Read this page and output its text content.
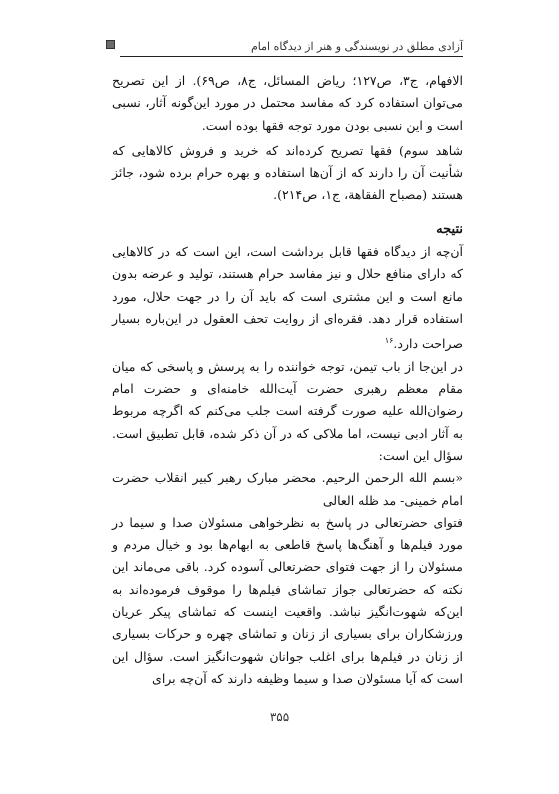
آزادی مطلق در نویسندگی و هنر از دیدگاه امام

الافهام، ج۳، ص۱۲۷؛ ریاض المسائل، ج۸، ص۶۹). از این تصریح می‌توان استفاده کرد که مفاسد محتمل در مورد این‌گونه آثار، نسبی است و این نسبی بودن مورد توجه فقها بوده است.

شاهد سوم) فقها تصریح کرده‌اند که خرید و فروش کالاهایی که شأنیت آن را دارند که از آن‌ها استفاده و بهره حرام برده شود، جائز هستند (مصباح الفقاهة، ج۱، ص۲۱۴).

نتیجه

آن‌چه از دیدگاه فقها قابل برداشت است، این است که در کالاهایی که دارای منافع حلال و نیز مفاسد حرام هستند، تولید و عرضه بدون مانع است و این مشتری است که باید آن را در جهت حلال، مورد استفاده قرار دهد. فقره‌ای از روایت تحف العقول در این‌باره بسیار صراحت دارد.$^{۱۶}$

در این‌جا از باب تیمن، توجه خواننده را به پرسش و پاسخی که میان مقام معظم رهبری حضرت آیت‌الله خامنه‌ای و حضرت امام رضوان‌الله علیه صورت گرفته است جلب می‌کنم که اگرچه مربوط به آثار ادبی نیست، اما ملاکی که در آن ذکر شده، قابل تطبیق است. سؤال این است:

«بسم الله الرحمن الرحیم. محضر مبارک رهبر کبیر انقلاب حضرت امام خمینی- مد ظله العالی

فتوای حضرتعالی در پاسخ به نظرخواهی مسئولان صدا و سیما در مورد فیلم‌ها و آهنگ‌ها پاسخ قاطعی به ابهام‌ها بود و خیال مردم و مسئولان را از جهت فتوای حضرتعالی آسوده کرد. باقی می‌ماند این نکته که حضرتعالی جواز تماشای فیلم‌ها را موقوف فرموده‌اند به این‌که شهوت‌انگیز نباشد. واقعیت اینست که تماشای پیکر عریان ورزشکاران برای بسیاری از زنان و تماشای چهره و حرکات بسیاری از زنان در فیلم‌ها برای اغلب جوانان شهوت‌انگیز است. سؤال این است که آیا مسئولان صدا و سیما وظیفه دارند که آن‌چه برای

۳۵۵
